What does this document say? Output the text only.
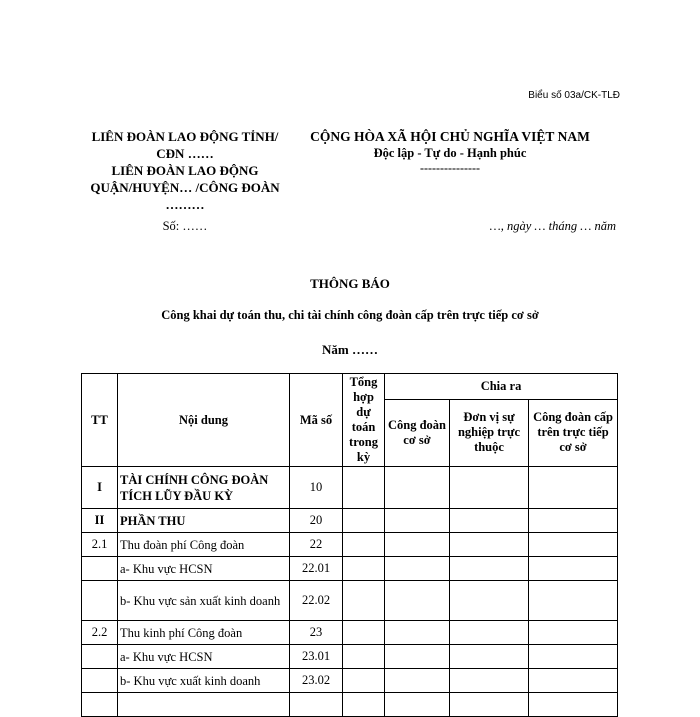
Biểu số 03a/CK-TLĐ
LIÊN ĐOÀN LAO ĐỘNG TỈNH/
CĐN ……
LIÊN ĐOÀN LAO ĐỘNG
QUẬN/HUYỆN… /CÔNG ĐOÀN
………
CỘNG HÒA XÃ HỘI CHỦ NGHĨA VIỆT NAM
Độc lập - Tự do - Hạnh phúc
---------------
Số: ……	…, ngày … tháng … năm
THÔNG BÁO
Công khai dự toán thu, chi tài chính công đoàn cấp trên trực tiếp cơ sở
Năm ……
TT	Nội dung	Mã số	Tổng hợp dự toán trong kỳ	Chia ra		
				Công đoàn cơ sở	Đơn vị sự nghiệp trực thuộc	Công đoàn cấp trên trực tiếp cơ sở
I	TÀI CHÍNH CÔNG ĐOÀN TÍCH LŨY ĐẦU KỲ	10				
II	PHẦN THU	20				
2.1	Thu đoàn phí Công đoàn	22				
	a- Khu vực HCSN	22.01				
	b- Khu vực sản xuất kinh doanh	22.02				
2.2	Thu kinh phí Công đoàn	23				
	a- Khu vực HCSN	23.01				
	b- Khu vực xuất kinh doanh	23.02				
